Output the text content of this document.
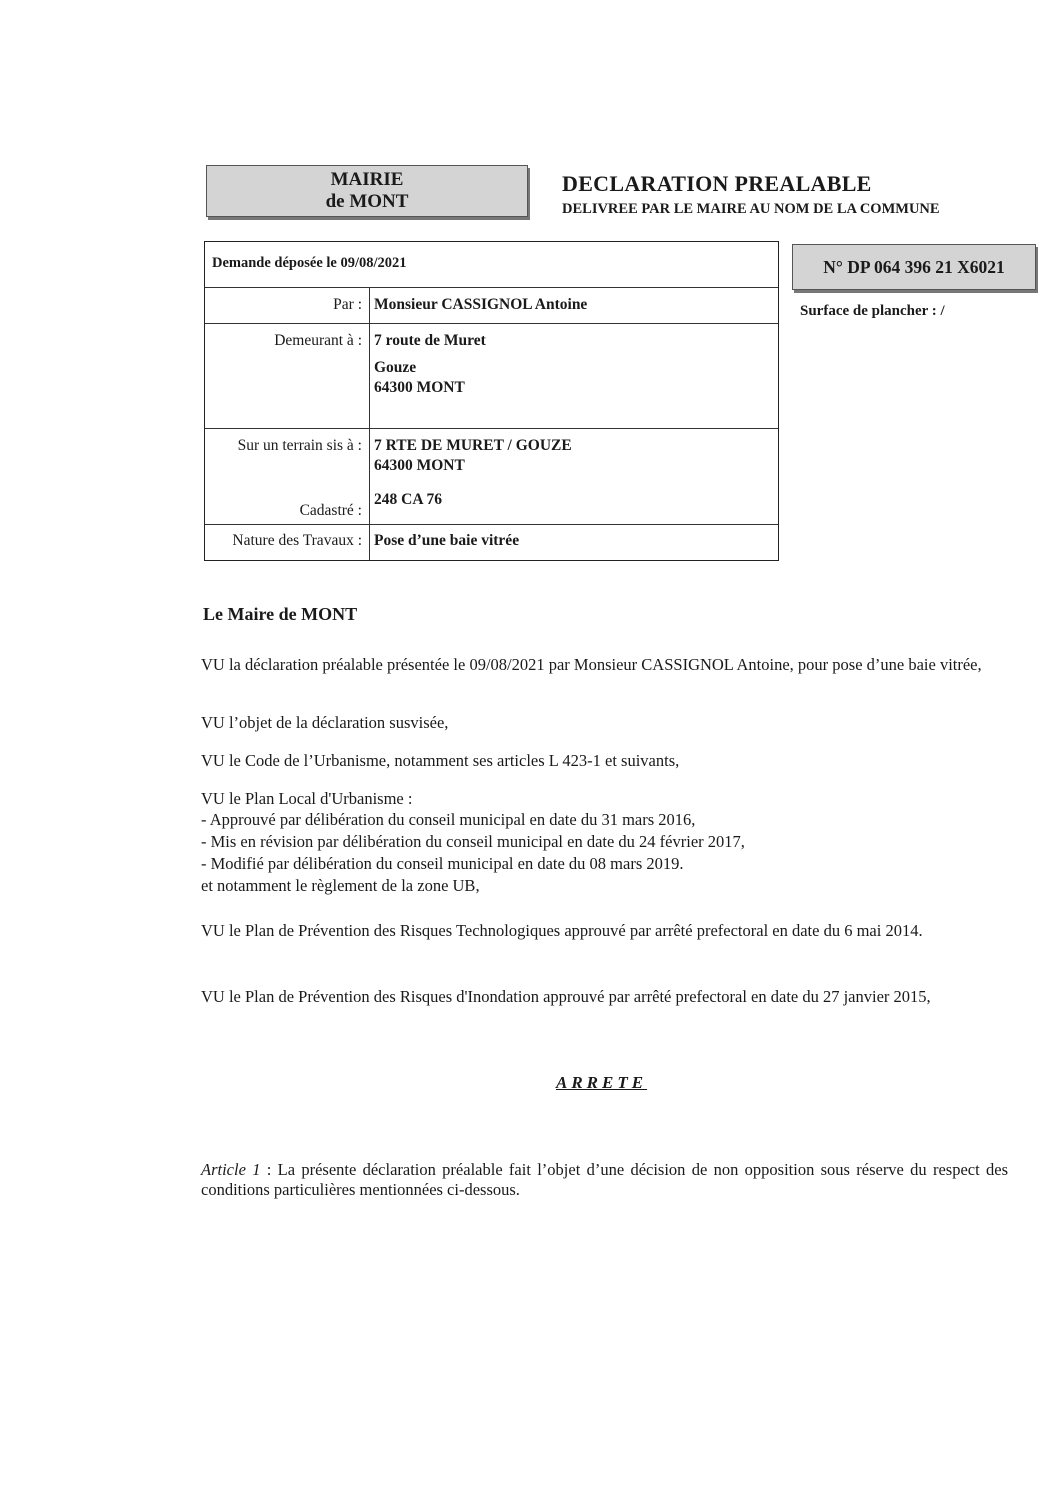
MAIRIE
de MONT
DECLARATION PREALABLE
DELIVREE PAR LE MAIRE AU NOM DE LA COMMUNE
Demande déposée le 09/08/2021
Par : Monsieur CASSIGNOL Antoine
Demeurant à : 7 route de Muret
Gouze
64300 MONT
Sur un terrain sis à : 7 RTE DE MURET / GOUZE
64300 MONT
Cadastré :
248 CA 76
Nature des Travaux : Pose d’une baie vitrée
N° DP 064 396 21 X6021
Surface de plancher : /
Le Maire de MONT
VU la déclaration préalable présentée le 09/08/2021 par Monsieur CASSIGNOL Antoine, pour pose d’une baie vitrée,
VU l’objet de la déclaration susvisée,
VU le Code de l’Urbanisme, notamment ses articles L 423-1 et suivants,
VU le Plan Local d'Urbanisme :
- Approuvé par délibération du conseil municipal en date du 31 mars 2016,
- Mis en révision par délibération du conseil municipal en date du 24 février 2017,
- Modifié par délibération du conseil municipal en date du 08 mars 2019.
et notamment le règlement de la zone UB,
VU le Plan de Prévention des Risques Technologiques approuvé par arrêté prefectoral en date du 6 mai 2014.
VU le Plan de Prévention des Risques d'Inondation approuvé par arrêté prefectoral en date du 27 janvier 2015,
ARRETE
Article 1 : La présente déclaration préalable fait l’objet d’une décision de non opposition sous réserve du respect des conditions particulières mentionnées ci-dessous.
